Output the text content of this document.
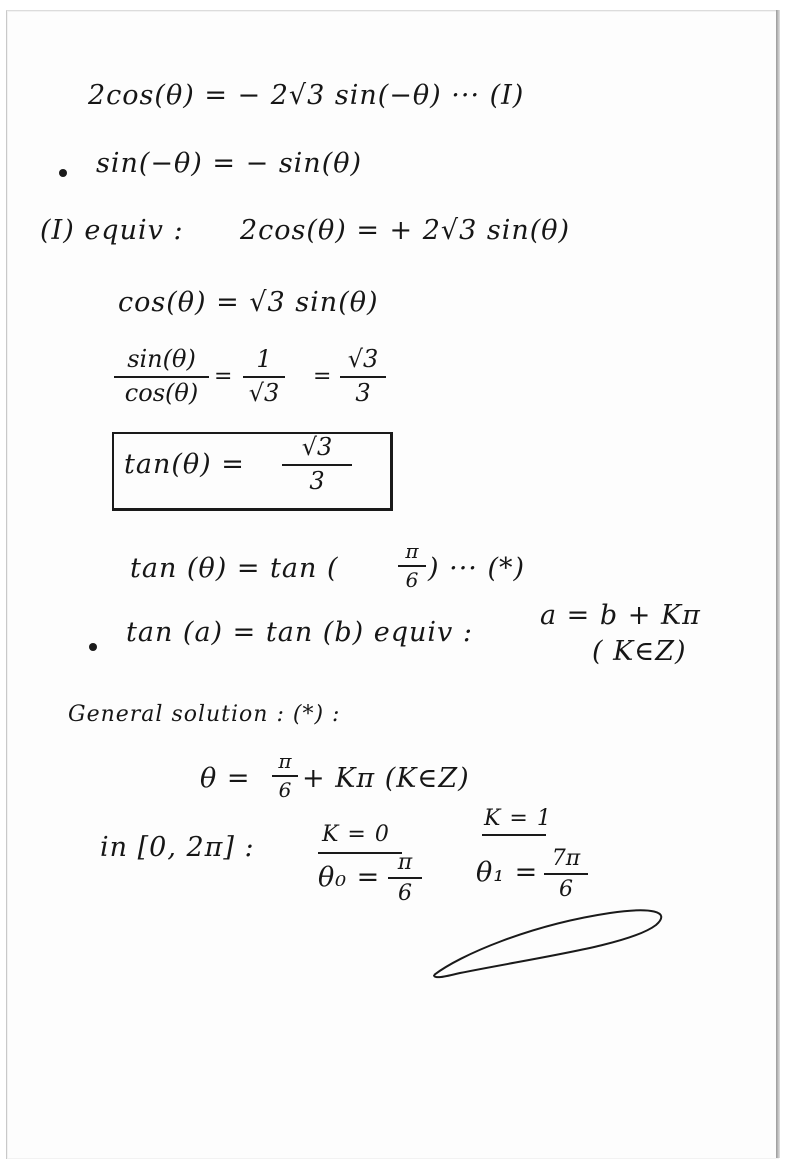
2cos(θ) = − 2√3 sin(−θ) ··· (I)
sin(−θ) = − sin(θ)
(I) equiv : 2cos(θ) = + 2√3 sin(θ)
cos(θ) = √3 sin(θ)
sin(θ)
cos(θ)
=
1
√3
=
√3
3
tan(θ) =
√3
3
tan (θ) = tan (
π
6 ) ··· (*)
tan (a) = tan (b) equiv :
a = b + Kπ
( K∈Z)
General solution : (*) :
θ =
π
6 + Kπ (K∈Z)
in [0, 2π] :	K = 0
θ₀ = π
6
K = 1
θ₁ = 7π
6
